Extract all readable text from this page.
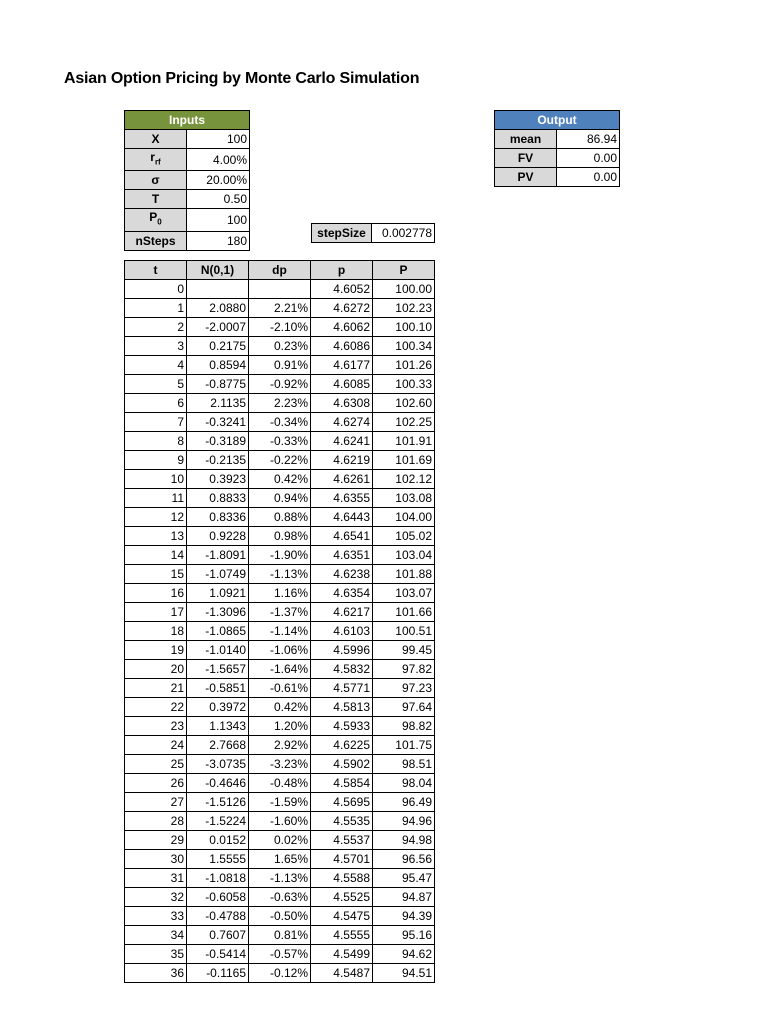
Asian Option Pricing by Monte Carlo Simulation
Inputs	
X	100
$r_{rf}$	4.00%
σ	20.00%
T	0.50
$P_0$	100
nSteps	180
stepSize	0.002778
Output	
mean	86.94
FV	0.00
PV	0.00
t	N(0,1)	dp	p	P
0			4.6052	100.00
1	2.0880	2.21%	4.6272	102.23
2	-2.0007	-2.10%	4.6062	100.10
3	0.2175	0.23%	4.6086	100.34
4	0.8594	0.91%	4.6177	101.26
5	-0.8775	-0.92%	4.6085	100.33
6	2.1135	2.23%	4.6308	102.60
7	-0.3241	-0.34%	4.6274	102.25
8	-0.3189	-0.33%	4.6241	101.91
9	-0.2135	-0.22%	4.6219	101.69
10	0.3923	0.42%	4.6261	102.12
11	0.8833	0.94%	4.6355	103.08
12	0.8336	0.88%	4.6443	104.00
13	0.9228	0.98%	4.6541	105.02
14	-1.8091	-1.90%	4.6351	103.04
15	-1.0749	-1.13%	4.6238	101.88
16	1.0921	1.16%	4.6354	103.07
17	-1.3096	-1.37%	4.6217	101.66
18	-1.0865	-1.14%	4.6103	100.51
19	-1.0140	-1.06%	4.5996	99.45
20	-1.5657	-1.64%	4.5832	97.82
21	-0.5851	-0.61%	4.5771	97.23
22	0.3972	0.42%	4.5813	97.64
23	1.1343	1.20%	4.5933	98.82
24	2.7668	2.92%	4.6225	101.75
25	-3.0735	-3.23%	4.5902	98.51
26	-0.4646	-0.48%	4.5854	98.04
27	-1.5126	-1.59%	4.5695	96.49
28	-1.5224	-1.60%	4.5535	94.96
29	0.0152	0.02%	4.5537	94.98
30	1.5555	1.65%	4.5701	96.56
31	-1.0818	-1.13%	4.5588	95.47
32	-0.6058	-0.63%	4.5525	94.87
33	-0.4788	-0.50%	4.5475	94.39
34	0.7607	0.81%	4.5555	95.16
35	-0.5414	-0.57%	4.5499	94.62
36	-0.1165	-0.12%	4.5487	94.51
